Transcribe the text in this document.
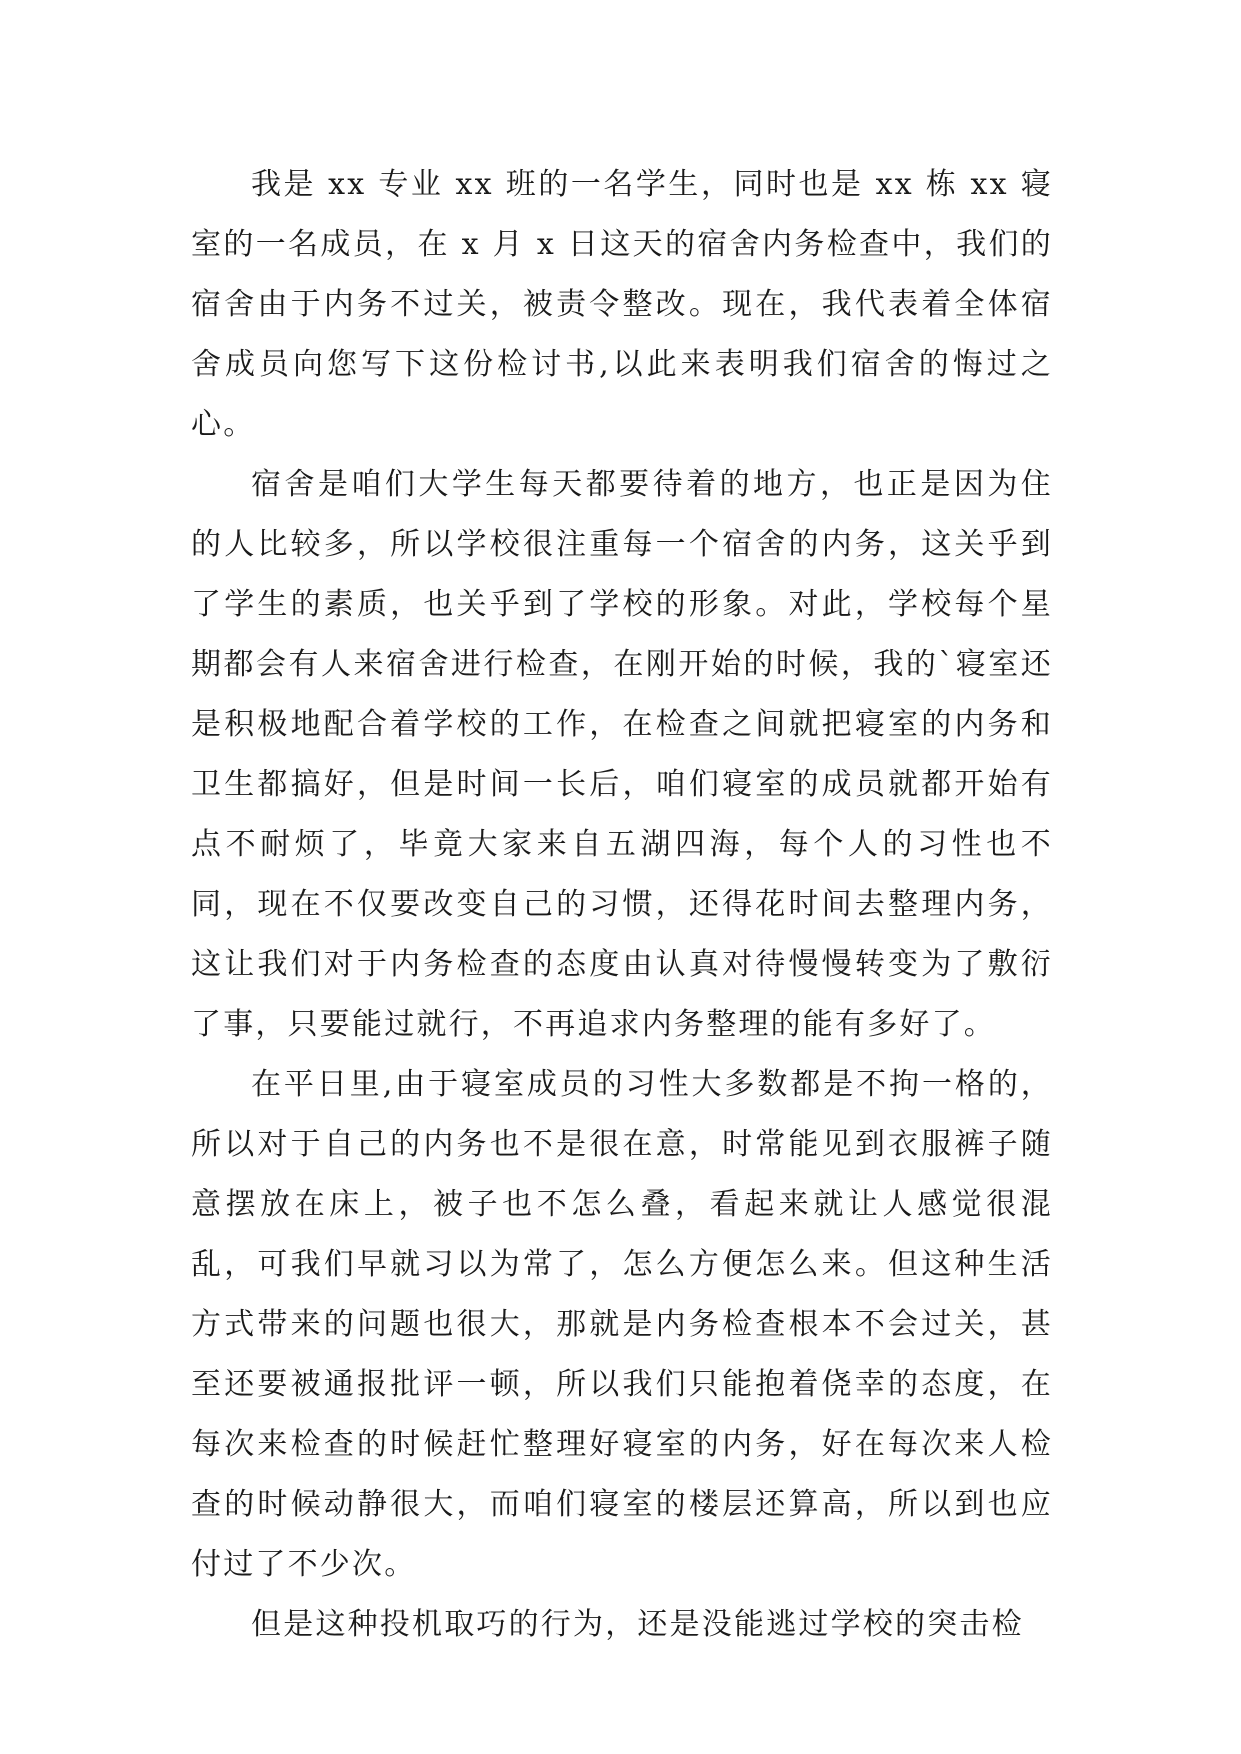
我是 xx 专业 xx 班的一名学生，同时也是 xx 栋 xx 寝室的一名成员，在 x 月 x 日这天的宿舍内务检查中，我们的宿舍由于内务不过关，被责令整改。现在，我代表着全体宿舍成员向您写下这份检讨书,以此来表明我们宿舍的悔过之心。

宿舍是咱们大学生每天都要待着的地方，也正是因为住的人比较多，所以学校很注重每一个宿舍的内务，这关乎到了学生的素质，也关乎到了学校的形象。对此，学校每个星期都会有人来宿舍进行检查，在刚开始的时候，我的`寝室还是积极地配合着学校的工作，在检查之间就把寝室的内务和卫生都搞好，但是时间一长后，咱们寝室的成员就都开始有点不耐烦了，毕竟大家来自五湖四海，每个人的习性也不同，现在不仅要改变自己的习惯，还得花时间去整理内务，这让我们对于内务检查的态度由认真对待慢慢转变为了敷衍了事，只要能过就行，不再追求内务整理的能有多好了。

在平日里,由于寝室成员的习性大多数都是不拘一格的，所以对于自己的内务也不是很在意，时常能见到衣服裤子随意摆放在床上，被子也不怎么叠，看起来就让人感觉很混乱，可我们早就习以为常了，怎么方便怎么来。但这种生活方式带来的问题也很大，那就是内务检查根本不会过关，甚至还要被通报批评一顿，所以我们只能抱着侥幸的态度，在每次来检查的时候赶忙整理好寝室的内务，好在每次来人检查的时候动静很大，而咱们寝室的楼层还算高，所以到也应付过了不少次。

但是这种投机取巧的行为，还是没能逃过学校的突击检
